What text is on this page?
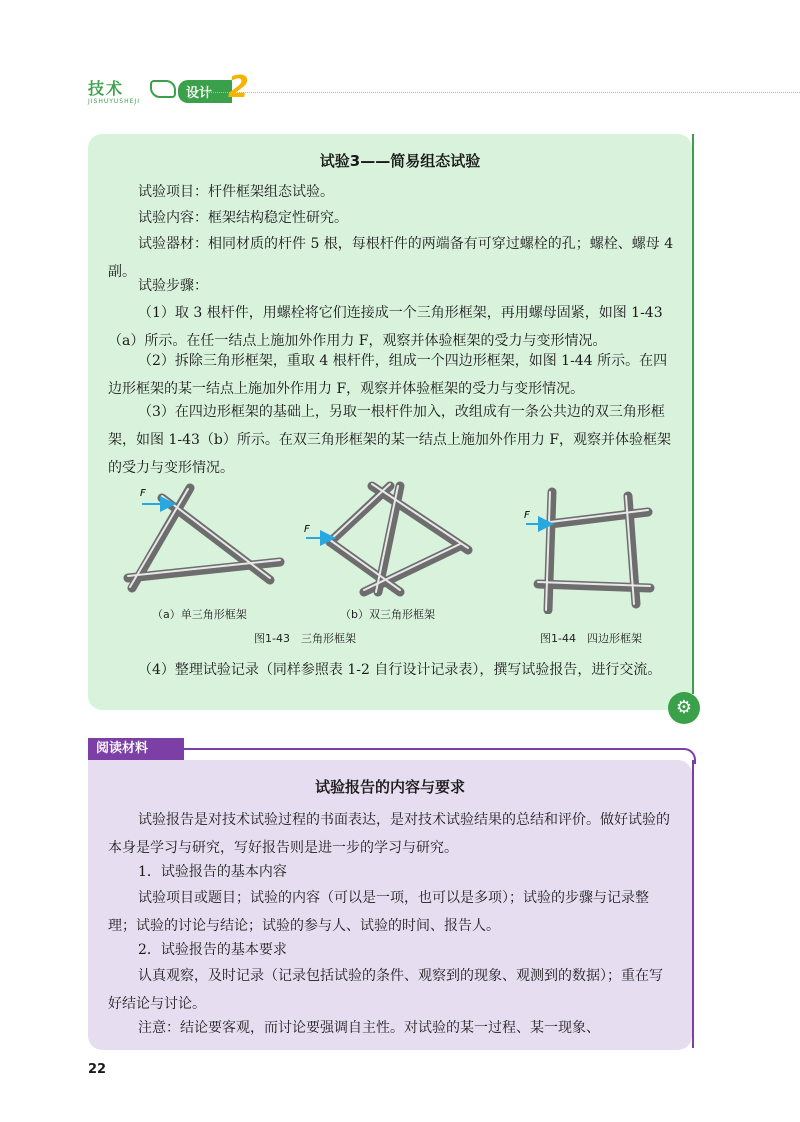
技术
JISHUYUSHEJI
设计 2
试验3——简易组态试验

试验项目：杆件框架组态试验。

试验内容：框架结构稳定性研究。

试验器材：相同材质的杆件 5 根，每根杆件的两端备有可穿过螺栓的孔；螺栓、螺母 4 副。

试验步骤：

（1）取 3 根杆件，用螺栓将它们连接成一个三角形框架，再用螺母固紧，如图 1-43（a）所示。在任一结点上施加外作用力 F，观察并体验框架的受力与变形情况。

（2）拆除三角形框架，重取 4 根杆件，组成一个四边形框架，如图 1-44 所示。在四边形框架的某一结点上施加外作用力 F，观察并体验框架的受力与变形情况。

（3）在四边形框架的基础上，另取一根杆件加入，改组成有一条公共边的双三角形框架，如图 1-43（b）所示。在双三角形框架的某一结点上施加外作用力 F，观察并体验框架的受力与变形情况。

F
F
F
（a）单三角形框架	（b）双三角形框架
图1-43　三角形框架	图1-44　四边形框架

（4）整理试验记录（同样参照表 1-2 自行设计记录表），撰写试验报告，进行交流。

⚙
阅读材料
试验报告的内容与要求

试验报告是对技术试验过程的书面表达，是对技术试验结果的总结和评价。做好试验的本身是学习与研究，写好报告则是进一步的学习与研究。

1．试验报告的基本内容

试验项目或题目；试验的内容（可以是一项，也可以是多项）；试验的步骤与记录整理；试验的讨论与结论；试验的参与人、试验的时间、报告人。

2．试验报告的基本要求

认真观察，及时记录（记录包括试验的条件、观察到的现象、观测到的数据）；重在写好结论与讨论。

注意：结论要客观，而讨论要强调自主性。对试验的某一过程、某一现象、

22
